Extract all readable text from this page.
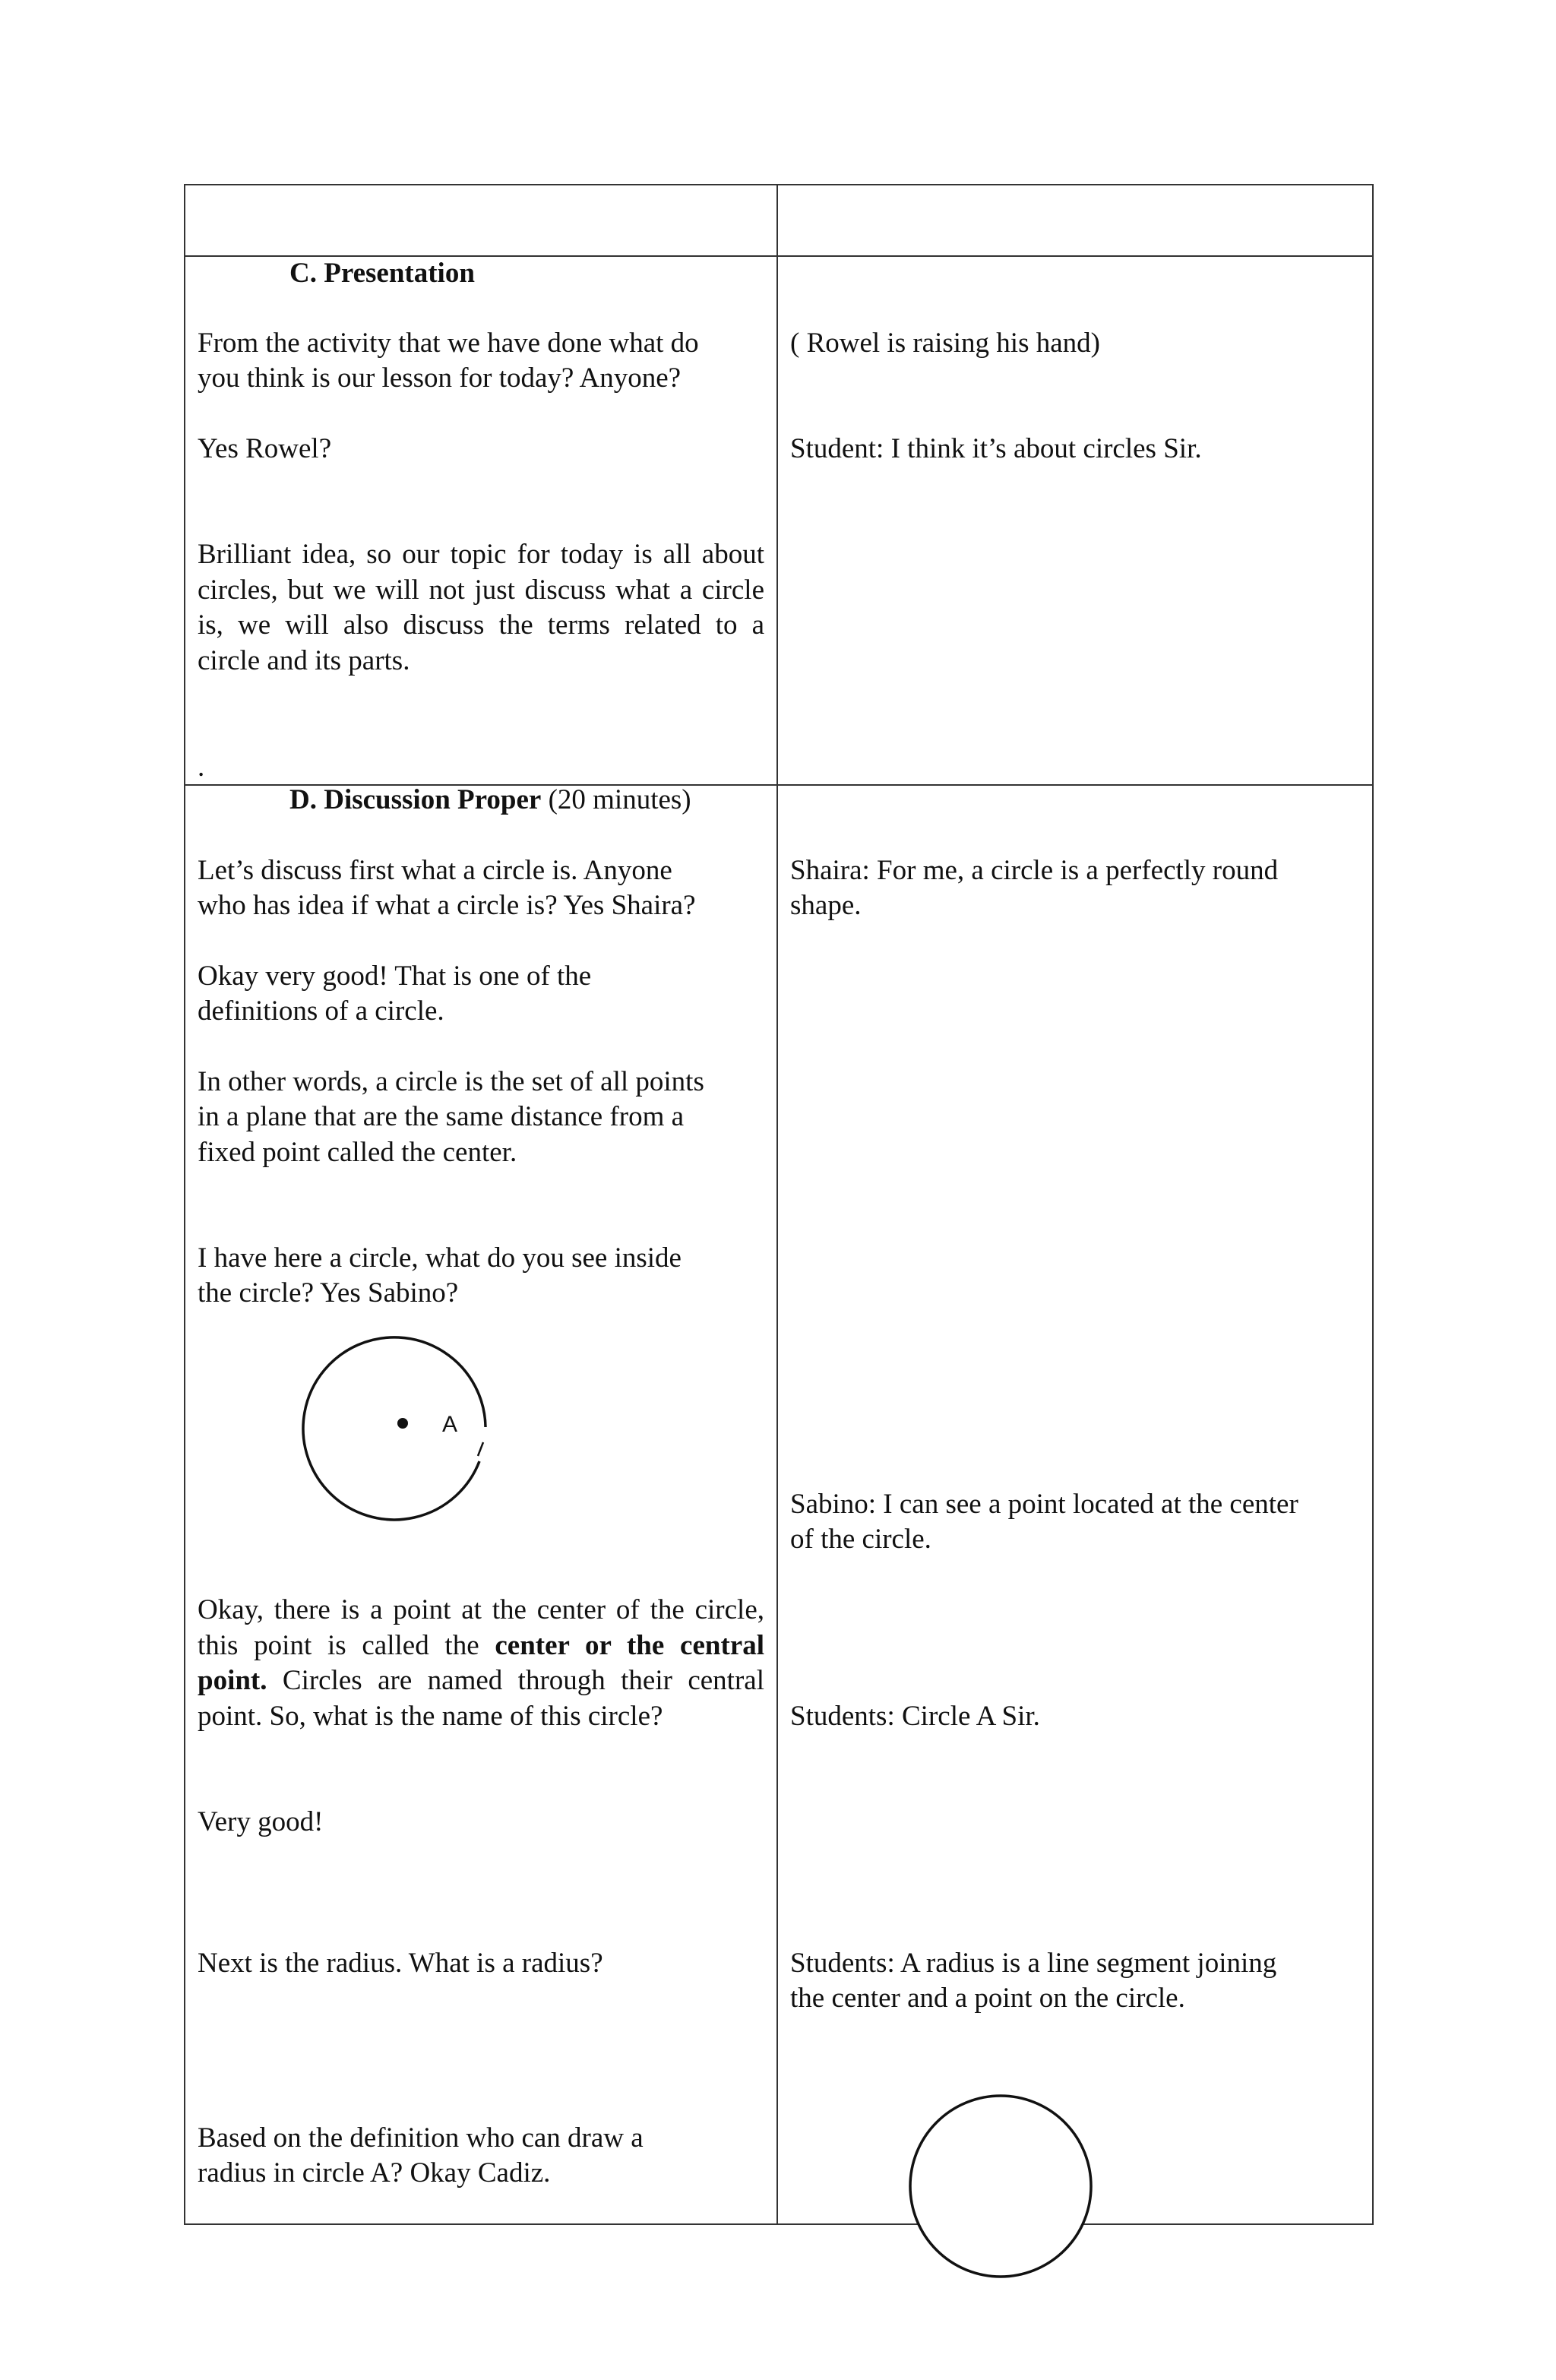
C. Presentation
From the activity that we have done what do
you think is our lesson for today? Anyone?
Yes Rowel?
Brilliant idea, so our topic for today is all about circles, but we will not just discuss what a circle is, we will also discuss the terms related to a circle and its parts.
.
( Rowel is raising his hand)
Student: I think it’s about circles Sir.
D. Discussion Proper (20 minutes)
Let’s discuss first what a circle is. Anyone
who has idea if what a circle is? Yes Shaira?
Okay very good! That is one of the
definitions of a circle.
In other words, a circle is the set of all points
in a plane that are the same distance from a
fixed point called the center.
I have here a circle, what do you see inside
the circle? Yes Sabino?
A
Okay, there is a point at the center of the circle, this point is called the center or the central point. Circles are named through their central point. So, what is the name of this circle?
Very good!
Next is the radius. What is a radius?
Based on the definition who can draw a
radius in circle A? Okay Cadiz.
Shaira: For me, a circle is a perfectly round
shape.
Sabino: I can see a point located at the center
of the circle.
Students: Circle A Sir.
Students: A radius is a line segment joining
the center and a point on the circle.
